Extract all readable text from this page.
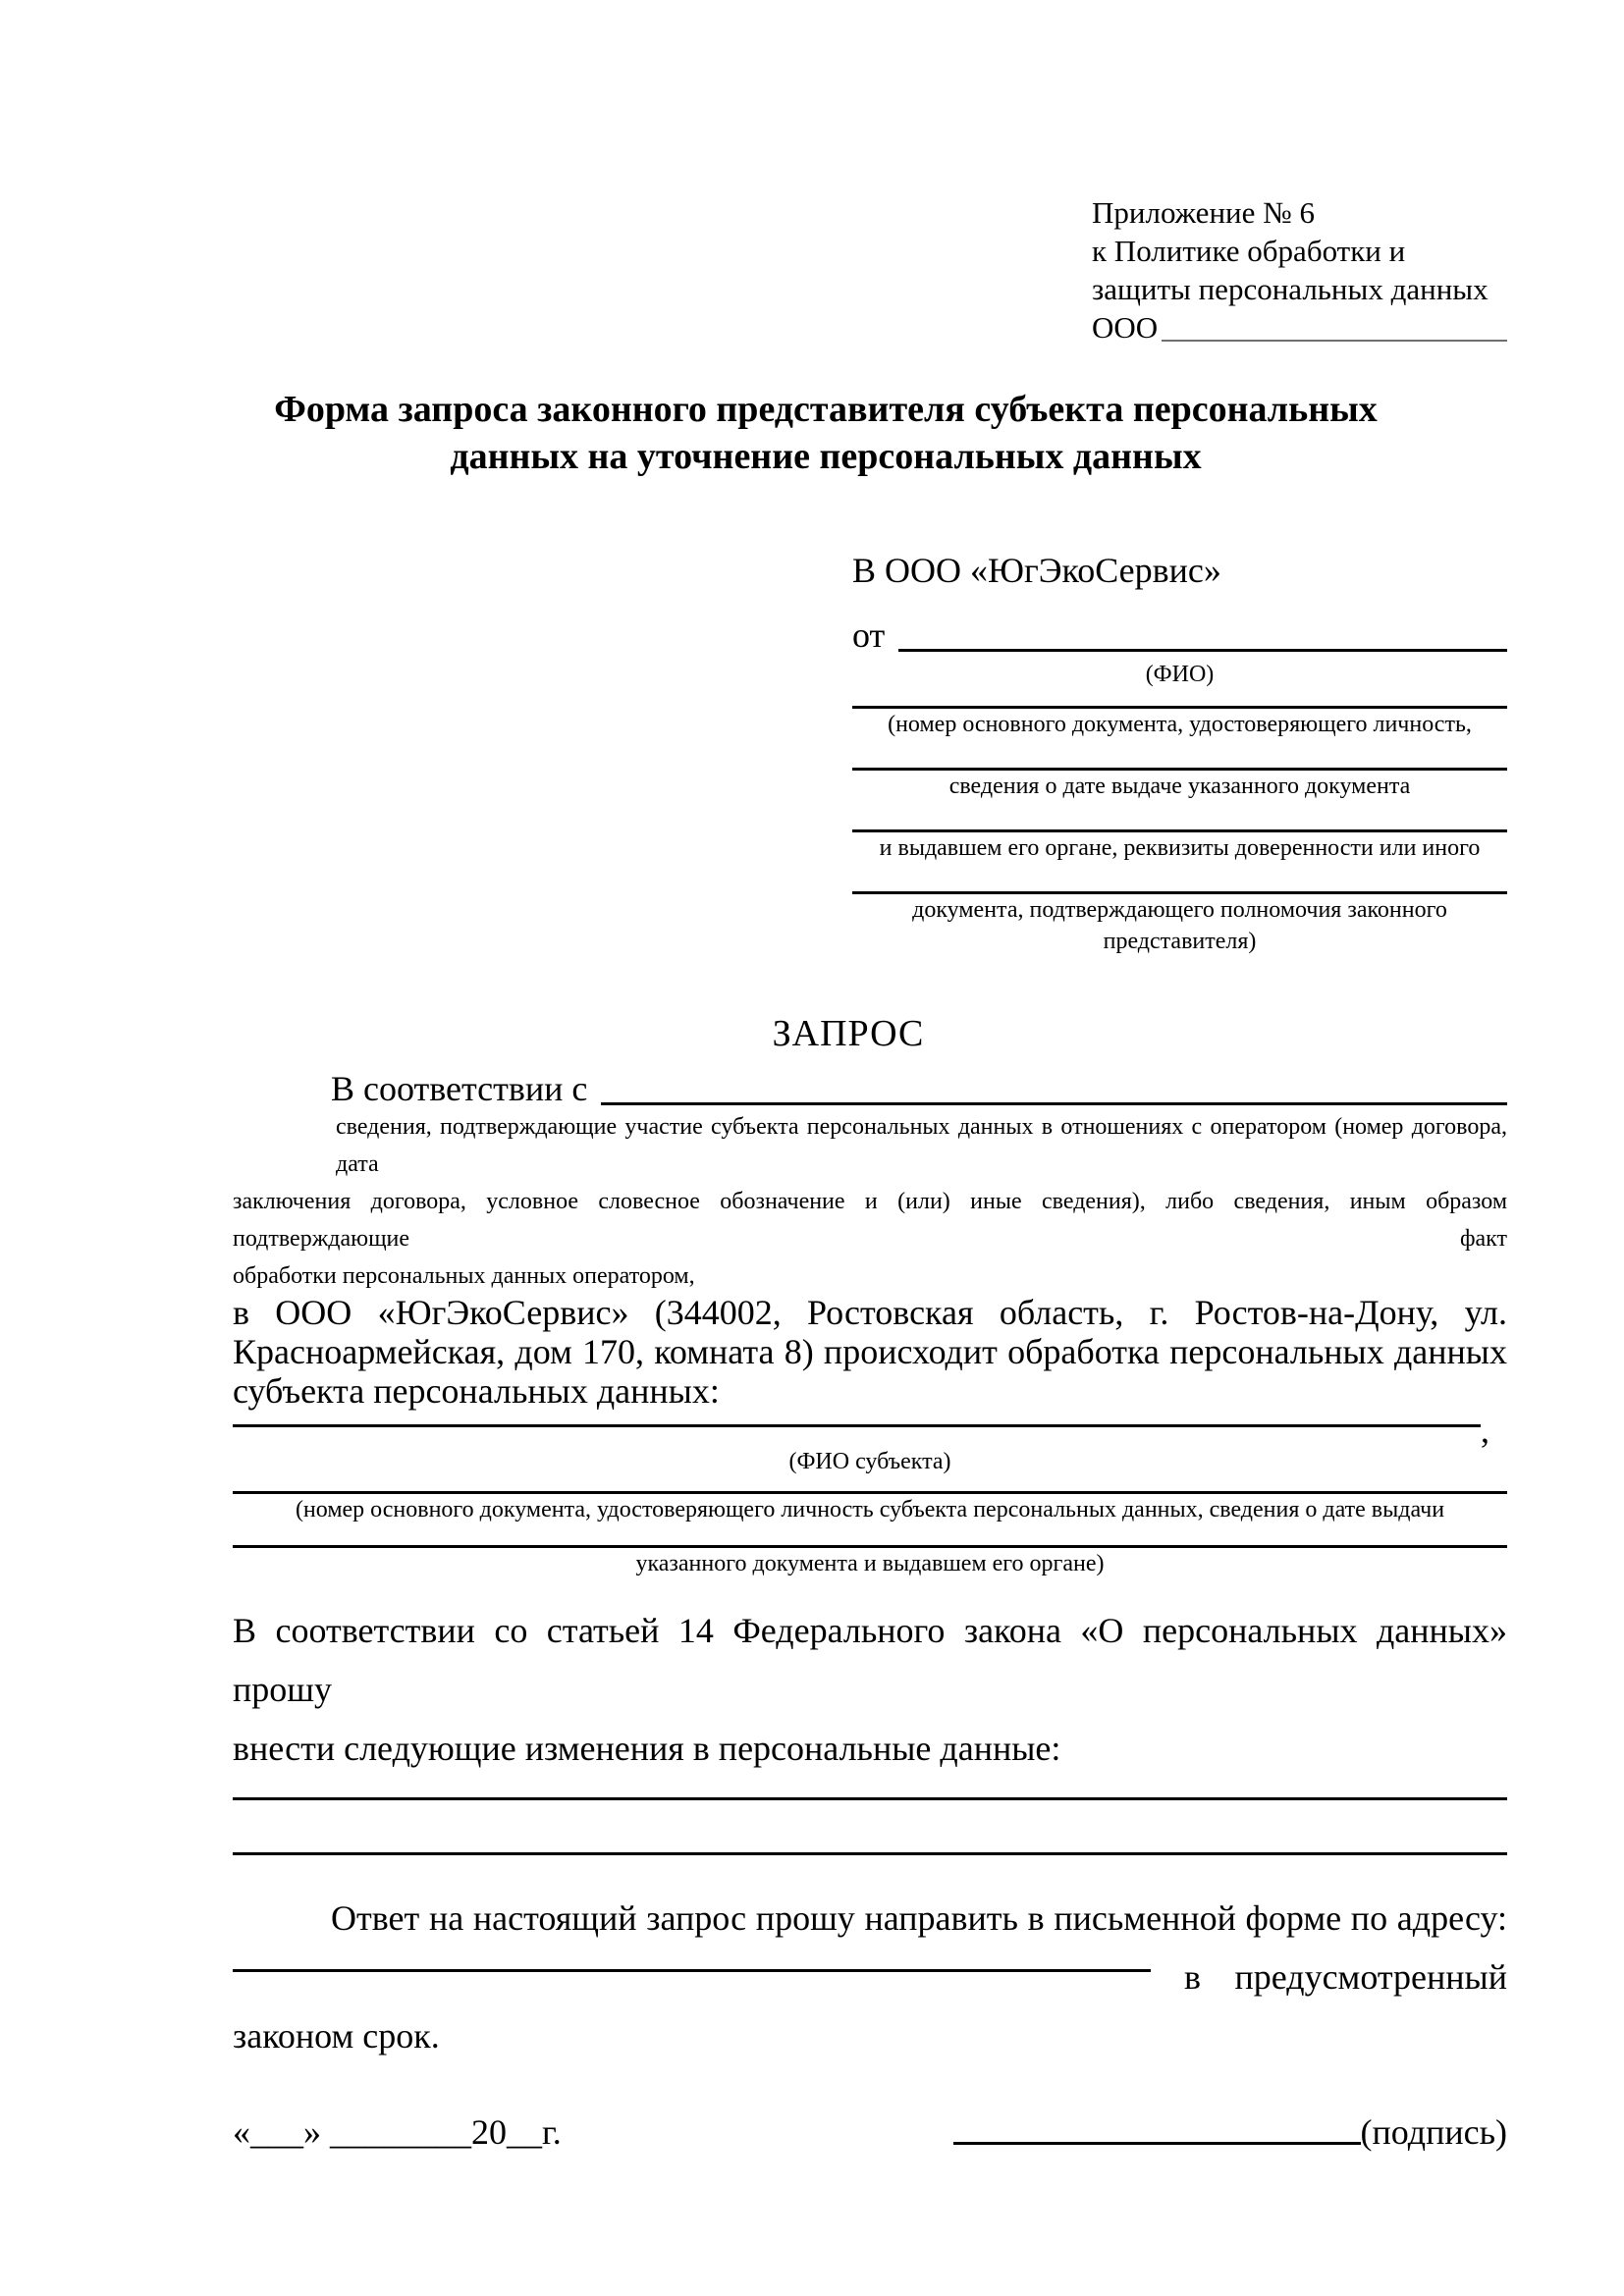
Приложение № 6
к Политике обработки и
защиты персональных данных
ООО
Форма запроса законного представителя субъекта персональных
данных на уточнение персональных данных
В ООО «ЮгЭкоСервис»
от
(ФИО)
(номер основного документа, удостоверяющего личность,
сведения о дате выдаче указанного документа
и выдавшем его органе, реквизиты доверенности или иного
документа, подтверждающего полномочия законного представителя)
ЗАПРОС
В соответствии с
сведения, подтверждающие участие субъекта персональных данных в отношениях с оператором (номер договора, дата
заключения договора, условное словесное обозначение и (или) иные сведения), либо сведения, иным образом подтверждающие факт
обработки персональных данных оператором,
в ООО «ЮгЭкоСервис» (344002, Ростовская область, г. Ростов-на-Дону, ул.
Красноармейская, дом 170, комната 8) происходит обработка персональных данных
субъекта персональных данных:
,
(ФИО субъекта)
(номер основного документа, удостоверяющего личность субъекта персональных данных, сведения о дате выдачи
указанного документа и выдавшем его органе)
В соответствии со статьей 14 Федерального закона «О персональных данных» прошу
внести следующие изменения в персональные данные:
Ответ на настоящий запрос прошу направить в письменной форме по адресу:
в предусмотренный
законом срок.
«___» ________20__г.	(подпись)
